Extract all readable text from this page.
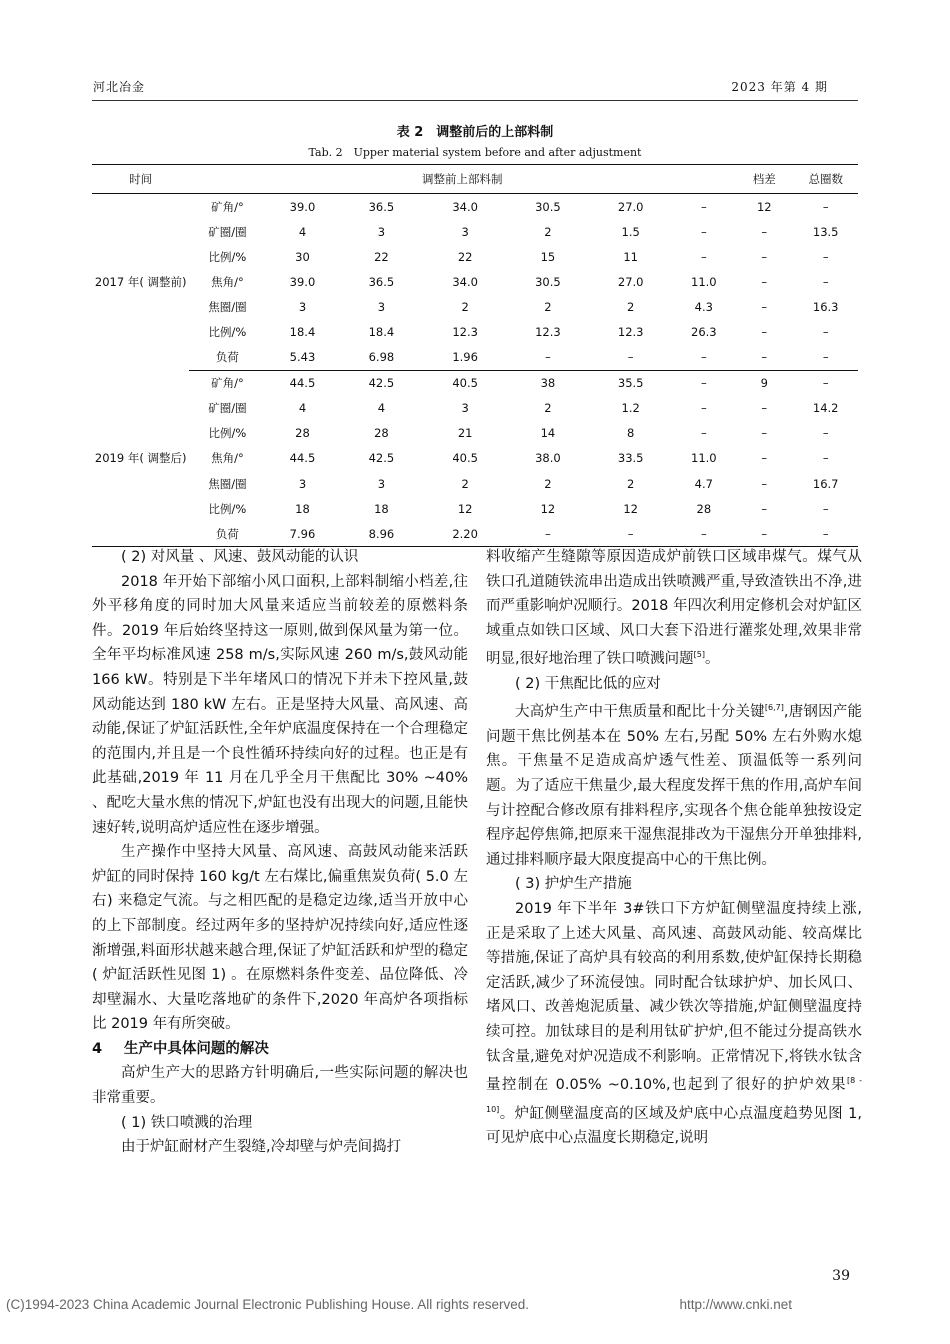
河北冶金	2023 年第 4 期
表 2　调整前后的上部料制
Tab. 2　Upper material system before and after adjustment
时间	调整前上部料制							档差	总圈数
2017 年( 调整前)	矿角/°	39.0	36.5	34.0	30.5	27.0	–	12	–
	矿圈/圈	4	3	3	2	1.5	–	–	13.5
	比例/%	30	22	22	15	11	–	–	–
	焦角/°	39.0	36.5	34.0	30.5	27.0	11.0	–	–
	焦圈/圈	3	3	2	2	2	4.3	–	16.3
	比例/%	18.4	18.4	12.3	12.3	12.3	26.3	–	–
	负荷	5.43	6.98	1.96	–	–	–	–	–
2019 年( 调整后)	矿角/°	44.5	42.5	40.5	38	35.5	–	9	–
	矿圈/圈	4	4	3	2	1.2	–	–	14.2
	比例/%	28	28	21	14	8	–	–	–
	焦角/°	44.5	42.5	40.5	38.0	33.5	11.0	–	–
	焦圈/圈	3	3	2	2	2	4.7	–	16.7
	比例/%	18	18	12	12	12	28	–	–
	负荷	7.96	8.96	2.20	–	–	–	–	–

( 2) 对风量 、风速、鼓风动能的认识

2018 年开始下部缩小风口面积,上部料制缩小档差,往外平移角度的同时加大风量来适应当前较差的原燃料条件。2019 年后始终坚持这一原则,做到保风量为第一位。全年平均标准风速 258 m/s,实际风速 260 m/s,鼓风动能 166 kW。特别是下半年堵风口的情况下并未下控风量,鼓风动能达到 180 kW 左右。正是坚持大风量、高风速、高动能,保证了炉缸活跃性,全年炉底温度保持在一个合理稳定的范围内,并且是一个良性循环持续向好的过程。也正是有此基础,2019 年 11 月在几乎全月干焦配比 30% ~40% 、配吃大量水焦的情况下,炉缸也没有出现大的问题,且能快速好转,说明高炉适应性在逐步增强。

生产操作中坚持大风量、高风速、高鼓风动能来活跃炉缸的同时保持 160 kg/t 左右煤比,偏重焦炭负荷( 5.0 左右) 来稳定气流。与之相匹配的是稳定边缘,适当开放中心的上下部制度。经过两年多的坚持炉况持续向好,适应性逐渐增强,料面形状越来越合理,保证了炉缸活跃和炉型的稳定( 炉缸活跃性见图 1) 。在原燃料条件变差、品位降低、冷却壁漏水、大量吃落地矿的条件下,2020 年高炉各项指标比 2019 年有所突破。

4 生产中具体问题的解决

高炉生产大的思路方针明确后,一些实际问题的解决也非常重要。

( 1) 铁口喷溅的治理

由于炉缸耐材产生裂缝,冷却壁与炉壳间捣打

料收缩产生缝隙等原因造成炉前铁口区域串煤气。煤气从铁口孔道随铁流串出造成出铁喷溅严重,导致渣铁出不净,进而严重影响炉况顺行。2018 年四次利用定修机会对炉缸区域重点如铁口区域、风口大套下沿进行灌浆处理,效果非常明显,很好地治理了铁口喷溅问题[5]。

( 2) 干焦配比低的应对

大高炉生产中干焦质量和配比十分关键[6,7],唐钢因产能问题干焦比例基本在 50% 左右,另配 50% 左右外购水熄焦。干焦量不足造成高炉透气性差、顶温低等一系列问题。为了适应干焦量少,最大程度发挥干焦的作用,高炉车间与计控配合修改原有排料程序,实现各个焦仓能单独按设定程序起停焦筛,把原来干湿焦混排改为干湿焦分开单独排料,通过排料顺序最大限度提高中心的干焦比例。

( 3) 护炉生产措施

2019 年下半年 3#铁口下方炉缸侧壁温度持续上涨,正是采取了上述大风量、高风速、高鼓风动能、较高煤比等措施,保证了高炉具有较高的利用系数,使炉缸保持长期稳定活跃,减少了环流侵蚀。同时配合钛球护炉、加长风口、堵风口、改善炮泥质量、减少铁次等措施,炉缸侧壁温度持续可控。加钛球目的是利用钛矿护炉,但不能过分提高铁水钛含量,避免对炉况造成不利影响。正常情况下,将铁水钛含量控制在 0.05% ~0.10%,也起到了很好的护炉效果[8 - 10]。炉缸侧壁温度高的区域及炉底中心点温度趋势见图 1,可见炉底中心点温度长期稳定,说明

39
(C)1994-2023 China Academic Journal Electronic Publishing House. All rights reserved.	http://www.cnki.net
